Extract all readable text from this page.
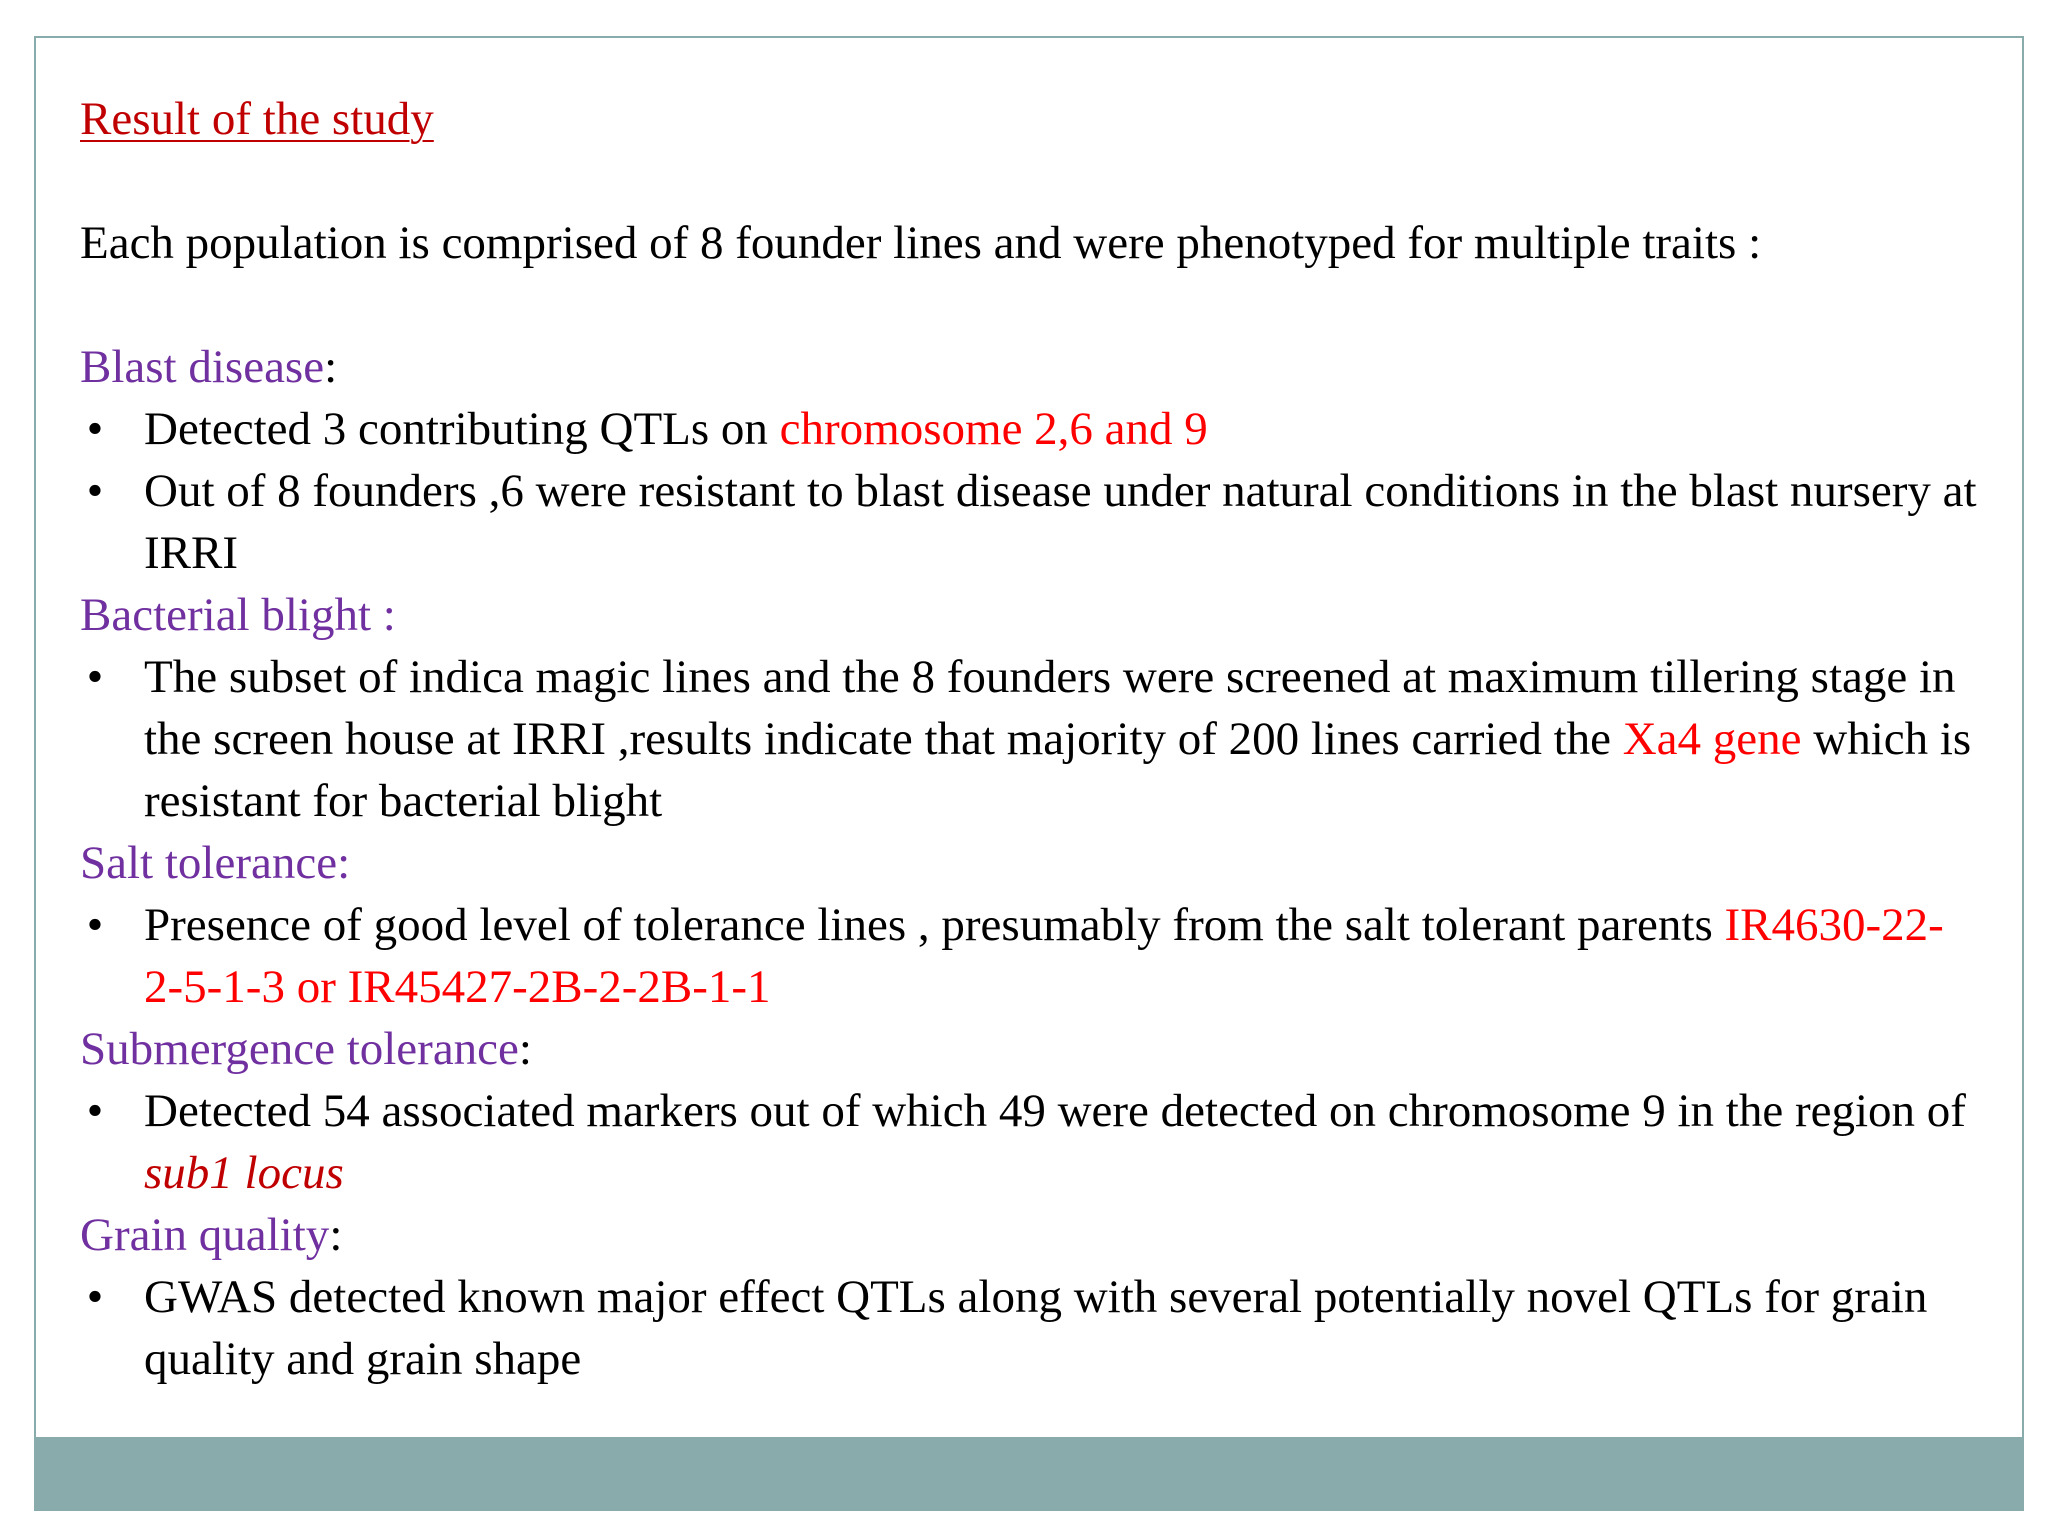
Result of the study

Each population is comprised of 8 founder lines and were phenotyped for multiple traits :

Blast disease:

• Detected 3 contributing QTLs on chromosome 2,6 and 9
• Out of 8 founders ,6 were resistant to blast disease under natural conditions in the blast nursery at IRRI

Bacterial blight :

• The subset of indica magic lines and the 8 founders were screened at maximum tillering stage in the screen house at IRRI ,results indicate that majority of 200 lines carried the Xa4 gene which is resistant for bacterial blight

Salt tolerance:

• Presence of good level of tolerance lines , presumably from the salt tolerant parents IR4630-22-2-5-1-3 or IR45427-2B-2-2B-1-1

Submergence tolerance:

• Detected 54 associated markers out of which 49 were detected on chromosome 9 in the region of sub1 locus

Grain quality:

• GWAS detected known major effect QTLs along with several potentially novel QTLs for grain quality and grain shape
